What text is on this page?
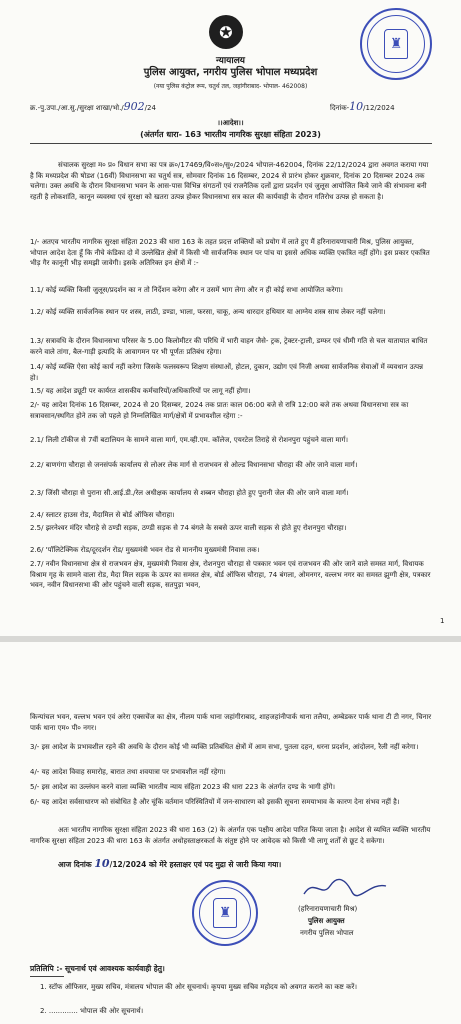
✪
♜
न्यायालय
पुलिस आयुक्त, नगरीय पुलिस भोपाल मध्यप्रदेश
(नया पुलिस कंट्रोल रूम, चतुर्थ तल, जहांगीराबाद- भोपाल- 462008)
क्र.-पु.उपा./आ.सु./सुरक्षा शाखा/भो./902/24	दिनांक-10/12/2024
।।आदेश।।
(अंतर्गत धारा- 163 भारतीय नागरिक सुरक्षा संहिता 2023)
संचालक सुरक्षा म० प्र० विधान सभा का पत्र क्र०/17469/वि०स०/सु०/2024 भोपाल-462004, दिनांक 22/12/2024 द्वारा अवगत कराया गया है कि मध्यप्रदेश की षोडश (16वीं) विधानसभा का चतुर्थ सत्र, सोमवार दिनांक 16 दिसम्बर, 2024 से प्रारंभ होकर शुक्रवार, दिनांक 20 दिसम्बर 2024 तक चलेगा। उक्त अवधि के दौरान विधानसभा भवन के आस-पास विभिन्न संगठनों एवं राजनैतिक दलों द्वारा प्रदर्शन एवं जुलूस आयोजित किये जाने की संभावना बनी रहती है लोकशांति, कानून व्यवस्था एवं सुरक्षा को खतरा उत्पन्न होकर विधानसभा सत्र काल की कार्यवाही के दौरान गतिरोध उत्पन्न हो सकता है।
1/- अतएव भारतीय नागरिक सुरक्षा संहिता 2023 की धारा 163 के तहत प्रदत्त शक्तियों को प्रयोग में लाते हुए मैं हरिनारायणाचारी मिश्र, पुलिस आयुक्त, भोपाल आदेश देता हूँ कि नीचे कंडिका दो में उल्लेखित क्षेत्रों में किसी भी सार्वजनिक स्थान पर पांच या इससे अधिक व्यक्ति एकत्रित नहीं होंगे। इस प्रकार एकत्रित भीड़ गैर कानूनी भीड़ समझी जावेगी। इसके अतिरिक्त इन क्षेत्रों में :-
1.1/ कोई व्यक्ति किसी जुलूस/प्रदर्शन का न तो निर्देशन करेगा और न उसमें भाग लेगा और न ही कोई सभा आयोजित करेगा।
1.2/ कोई व्यक्ति सार्वजनिक स्थान पर शस्त्र, लाठी, डण्डा, भाला, फरसा, चाकू, अन्य धारदार हथियार या आग्नेय शस्त्र साथ लेकर नहीं चलेगा।
1.3/ सत्रावधि के दौरान विधानसभा परिसर के 5.00 किलोमीटर की परिधि में भारी वाहन जैसे- ट्रक, ट्रेक्टर-ट्राली, डम्फर एवं धीमी गति से चल यातायात बाधित करने वाले तांगा, बैल-गाड़ी इत्यादि के आवागमन पर भी पूर्णतः प्रतिबंध रहेगा।
1.4/ कोई व्यक्ति ऐसा कोई कार्य नहीं करेगा जिसके फलस्वरूप शिक्षण संस्थाओं, होटल, दुकान, उद्योग एवं निजी अथवा सार्वजनिक सेवाओं में व्यवधान उत्पन्न हो।
1.5/ यह आदेश ड्यूटी पर कार्यरत शासकीय कर्मचारियों/अधिकारियों पर लागू नहीं होगा।
2/- यह आदेश दिनांक 16 दिसम्बर, 2024 से 20 दिसम्बर, 2024 तक प्रातः काल 06:00 बजे से रात्रि 12:00 बजे तक अथवा विधानसभा सत्र का सत्रावसान/स्थगित होने तक जो पहले हो निम्नलिखित मार्ग/क्षेत्रों में प्रभावशील रहेगा :-
2.1/ लिली टॉकीज से 7वीं बटालियन के सामने वाला मार्ग, एम.व्ही.एम. कॉलेज, एयरटेल तिराहे से रोशनपुरा पहुंचने वाला मार्ग।
2.2/ बाणगंगा चौराहा से जनसंपर्क कार्यालय से लोअर लेक मार्ग से राजभवन से ओल्ड विधानसभा चौराहा की ओर जाने वाला मार्ग।
2.3/ जिंसी चौराहा से पुराना सी.आई.डी./रेल अधीक्षक कार्यालय से शब्बन चौराहा होते हुए पुरानी जेल की ओर जाने वाला मार्ग।
2.4/ स्लाटर हाउस रोड, मैदामिल से बोर्ड ऑफिस चौराहा।
2.5/ झरनेश्वर मंदिर चौराहे से ठण्डी सड़क, ठण्डी सड़क से 74 बंगले के सबसे ऊपर वाली सड़क से होते हुए रोशनपुरा चौराहा।
2.6/ 'पॉलिटेक्निक रोड/दूरदर्शन रोड/ मुख्यमंत्री भवन रोड से माननीय मुख्यमंत्री निवास तक।
2.7/ नवीन विधानसभा क्षेत्र से राजभवन क्षेत्र, मुख्यमंत्री निवास क्षेत्र, रोशनपुरा चौराहा से पत्रकार भवन एवं राजभवन की ओर जाने वाले समस्त मार्ग, विधायक विश्राम गृह के सामने वाला रोड, मैदा मिल सड़क के ऊपर का समस्त क्षेत्र, बोर्ड ऑफिस चौराहा, 74 बंगला, ओमनगर, वल्लभ नगर का समस्त झुग्गी क्षेत्र, पत्रकार भवन, नवीन विधानसभा की ओर पहुंचने वाली सड़क, सतपुड़ा भवन,
1
किन्यांचल भवन, वल्लभ भवन एवं अरेरा एक्सचेंज का क्षेत्र, नीलम पार्क थाना जहांगीराबाद, शाहजहांनीपार्क थाना तलैया, अम्बेडकर पार्क थाना टी टी नगर, चिनार पार्क थाना एम० पी० नगर।
3/- इस आदेश के प्रभावशील रहने की अवधि के दौरान कोई भी व्यक्ति प्रतिबंधित क्षेत्रों में आम सभा, पुतला दहन, धरना प्रदर्शन, आंदोलन, रैली नहीं करेगा।
4/- यह आदेश विवाह समारोह, बारात तथा शवयात्रा पर प्रभावशील नहीं रहेगा।
5/- इस आदेश का उल्लंघन करने वाला व्यक्ति भारतीय न्याय संहिता 2023 की धारा 223 के अंतर्गत दण्ड के भागी होंगे।
6/- यह आदेश सर्वसाधारण को संबोधित है और चूंकि वर्तमान परिस्थितियों में जन-साधारण को इसकी सूचना समयाभाव के कारण देना संभव नहीं है।
अतः भारतीय नागरिक सुरक्षा संहिता 2023 की धारा 163 (2) के अंतर्गत एक पक्षीय आदेश पारित किया जाता है। आदेश से व्यथित व्यक्ति भारतीय नागरिक सुरक्षा संहिता 2023 की धारा 163 के अंतर्गत अधोहस्ताक्षरकर्ता के संतुष्ट होने पर आवेदक को किसी भी लागू शर्तों से छूट दे सकेगा।
आज दिनांक 10/12/2024 को मेरे हस्ताक्षर एवं पद मुद्रा से जारी किया गया।
♜	(हरिनारायणाचारी मिश्र)
पुलिस आयुक्त
नगरीय पुलिस भोपाल
प्रतिलिपि :- सूचनार्थ एवं आवश्यक कार्यवाही हेतु।
1. स्टॉफ ऑफिसर, मुख्य सचिव, मंत्रालय भोपाल की ओर सूचनार्थ। कृपया मुख्य सचिव महोदय को अवगत कराने का कष्ट करें।
2. ............. भोपाल की ओर सूचनार्थ।
